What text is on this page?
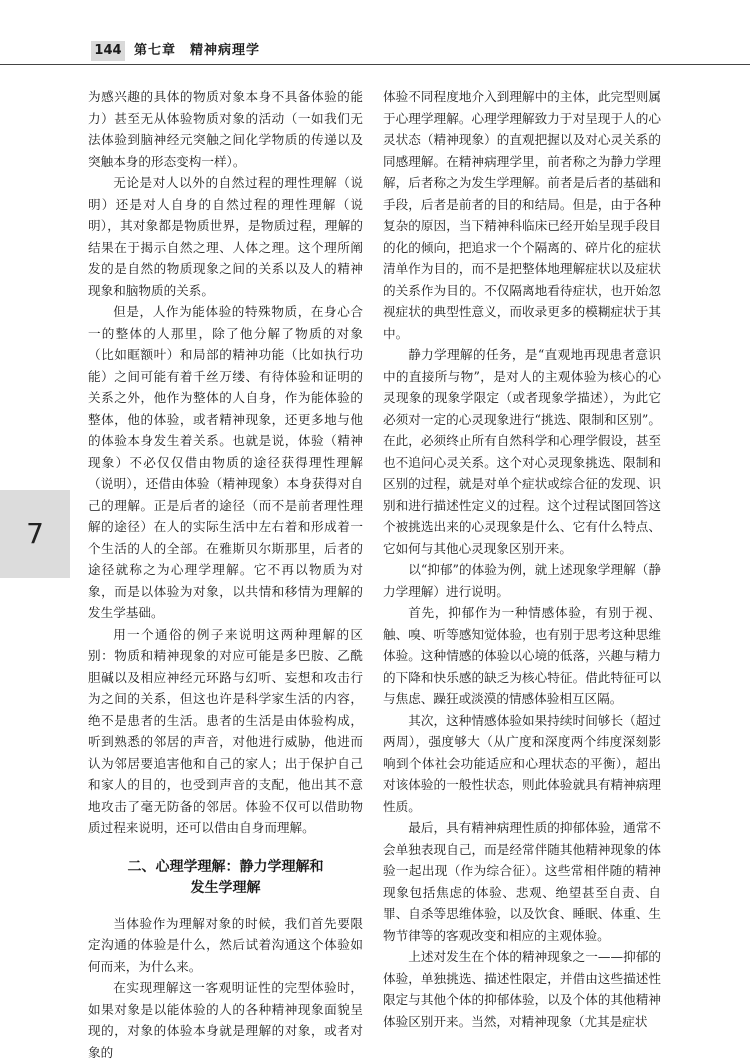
144 第七章　精神病理学
7

为感兴趣的具体的物质对象本身不具备体验的能力）甚至无从体验物质对象的活动（一如我们无法体验到脑神经元突触之间化学物质的传递以及突触本身的形态变构一样）。

无论是对人以外的自然过程的理性理解（说明）还是对人自身的自然过程的理性理解（说明），其对象都是物质世界，是物质过程，理解的结果在于揭示自然之理、人体之理。这个理所阐发的是自然的物质现象之间的关系以及人的精神现象和脑物质的关系。

但是，人作为能体验的特殊物质，在身心合一的整体的人那里，除了他分解了物质的对象（比如眶额叶）和局部的精神功能（比如执行功能）之间可能有着千丝万缕、有待体验和证明的关系之外，他作为整体的人自身，作为能体验的整体，他的体验，或者精神现象，还更多地与他的体验本身发生着关系。也就是说，体验（精神现象）不必仅仅借由物质的途径获得理性理解（说明），还借由体验（精神现象）本身获得对自己的理解。正是后者的途径（而不是前者理性理解的途径）在人的实际生活中左右着和形成着一个生活的人的全部。在雅斯贝尔斯那里，后者的途径就称之为心理学理解。它不再以物质为对象，而是以体验为对象，以共情和移情为理解的发生学基础。

用一个通俗的例子来说明这两种理解的区别：物质和精神现象的对应可能是多巴胺、乙酰胆碱以及相应神经元环路与幻听、妄想和攻击行为之间的关系，但这也许是科学家生活的内容，绝不是患者的生活。患者的生活是由体验构成，听到熟悉的邻居的声音，对他进行威胁，他进而认为邻居要追害他和自己的家人；出于保护自己和家人的目的，也受到声音的支配，他出其不意地攻击了毫无防备的邻居。体验不仅可以借助物质过程来说明，还可以借由自身而理解。

二、心理学理解：静力学理解和
发生学理解

当体验作为理解对象的时候，我们首先要限定沟通的体验是什么，然后试着沟通这个体验如何而来，为什么来。

在实现理解这一客观明证性的完型体验时，如果对象是以能体验的人的各种精神现象面貌呈现的，对象的体验本身就是理解的对象，或者对象的

体验不同程度地介入到理解中的主体，此完型则属于心理学理解。心理学理解致力于对呈现于人的心灵状态（精神现象）的直观把握以及对心灵关系的同感理解。在精神病理学里，前者称之为静力学理解，后者称之为发生学理解。前者是后者的基础和手段，后者是前者的目的和结局。但是，由于各种复杂的原因，当下精神科临床已经开始呈现手段目的化的倾向，把追求一个个隔离的、碎片化的症状清单作为目的，而不是把整体地理解症状以及症状的关系作为目的。不仅隔离地看待症状，也开始忽视症状的典型性意义，而收录更多的模糊症状于其中。

静力学理解的任务，是“直观地再现患者意识中的直接所与物”，是对人的主观体验为核心的心灵现象的现象学限定（或者现象学描述），为此它必须对一定的心灵现象进行“挑选、限制和区别”。在此，必须终止所有自然科学和心理学假设，甚至也不追问心灵关系。这个对心灵现象挑选、限制和区别的过程，就是对单个症状或综合征的发现、识别和进行描述性定义的过程。这个过程试图回答这个被挑选出来的心灵现象是什么、它有什么特点、它如何与其他心灵现象区别开来。

以“抑郁”的体验为例，就上述现象学理解（静力学理解）进行说明。

首先，抑郁作为一种情感体验，有别于视、触、嗅、听等感知觉体验，也有别于思考这种思维体验。这种情感的体验以心境的低落，兴趣与精力的下降和快乐感的缺乏为核心特征。借此特征可以与焦虑、躁狂或淡漠的情感体验相互区隔。

其次，这种情感体验如果持续时间够长（超过两周），强度够大（从广度和深度两个纬度深刻影响到个体社会功能适应和心理状态的平衡），超出对该体验的一般性状态，则此体验就具有精神病理性质。

最后，具有精神病理性质的抑郁体验，通常不会单独表现自己，而是经常伴随其他精神现象的体验一起出现（作为综合征）。这些常相伴随的精神现象包括焦虑的体验、悲观、绝望甚至自责、自罪、自杀等思维体验，以及饮食、睡眠、体重、生物节律等的客观改变和相应的主观体验。

上述对发生在个体的精神现象之一——抑郁的体验，单独挑选、描述性限定，并借由这些描述性限定与其他个体的抑郁体验，以及个体的其他精神体验区别开来。当然，对精神现象（尤其是症状
